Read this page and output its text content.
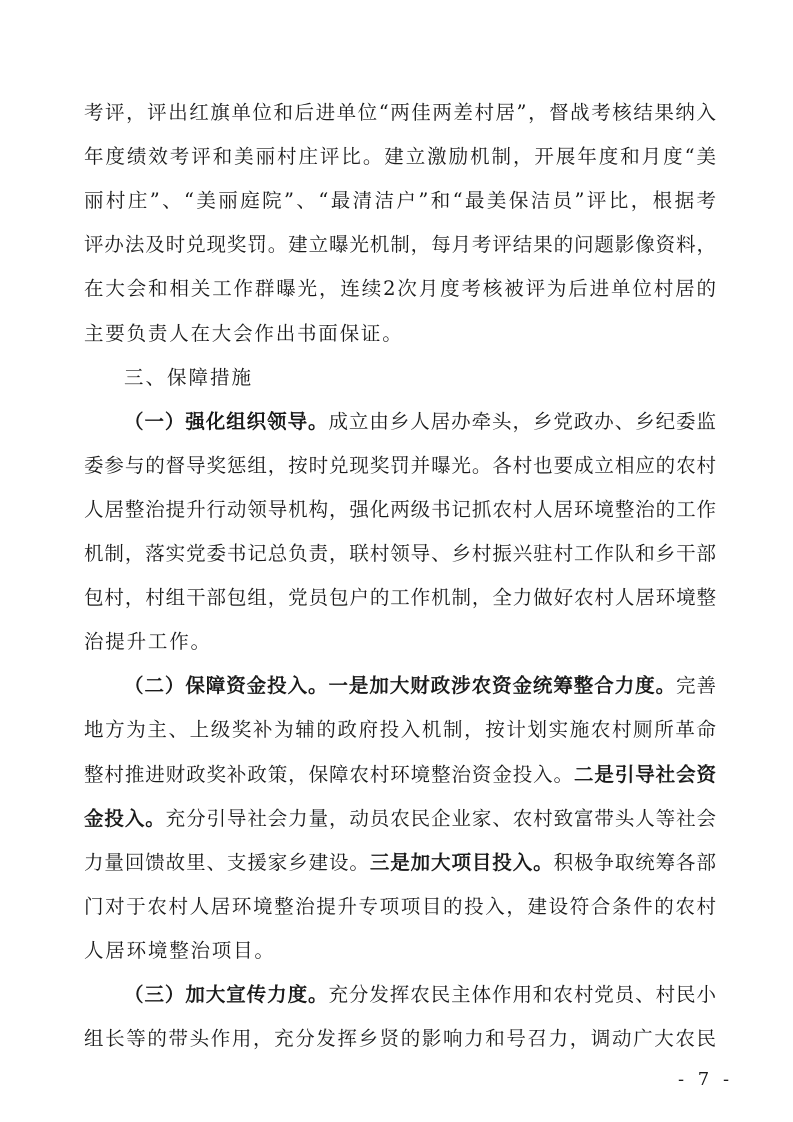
- 7 -
考评，评出红旗单位和后进单位“两佳两差村居”，督战考核结果纳入
年度绩效考评和美丽村庄评比。建立激励机制，开展年度和月度“美
丽村庄”、“美丽庭院”、“最清洁户”和“最美保洁员”评比，根据考
评办法及时兑现奖罚。建立曝光机制，每月考评结果的问题影像资料，
在大会和相关工作群曝光，连续2次月度考核被评为后进单位村居的
主要负责人在大会作出书面保证。
三、保障措施
（一）强化组织领导。成立由乡人居办牵头，乡党政办、乡纪委监
委参与的督导奖惩组，按时兑现奖罚并曝光。各村也要成立相应的农村
人居整治提升行动领导机构，强化两级书记抓农村人居环境整治的工作
机制，落实党委书记总负责，联村领导、乡村振兴驻村工作队和乡干部
包村，村组干部包组，党员包户的工作机制，全力做好农村人居环境整
治提升工作。
（二）保障资金投入。一是加大财政涉农资金统筹整合力度。完善
地方为主、上级奖补为辅的政府投入机制，按计划实施农村厕所革命
整村推进财政奖补政策，保障农村环境整治资金投入。二是引导社会资
金投入。充分引导社会力量，动员农民企业家、农村致富带头人等社会
力量回馈故里、支援家乡建设。三是加大项目投入。积极争取统筹各部
门对于农村人居环境整治提升专项项目的投入，建设符合条件的农村
人居环境整治项目。
（三）加大宣传力度。充分发挥农民主体作用和农村党员、村民小
组长等的带头作用，充分发挥乡贤的影响力和号召力，调动广大农民
